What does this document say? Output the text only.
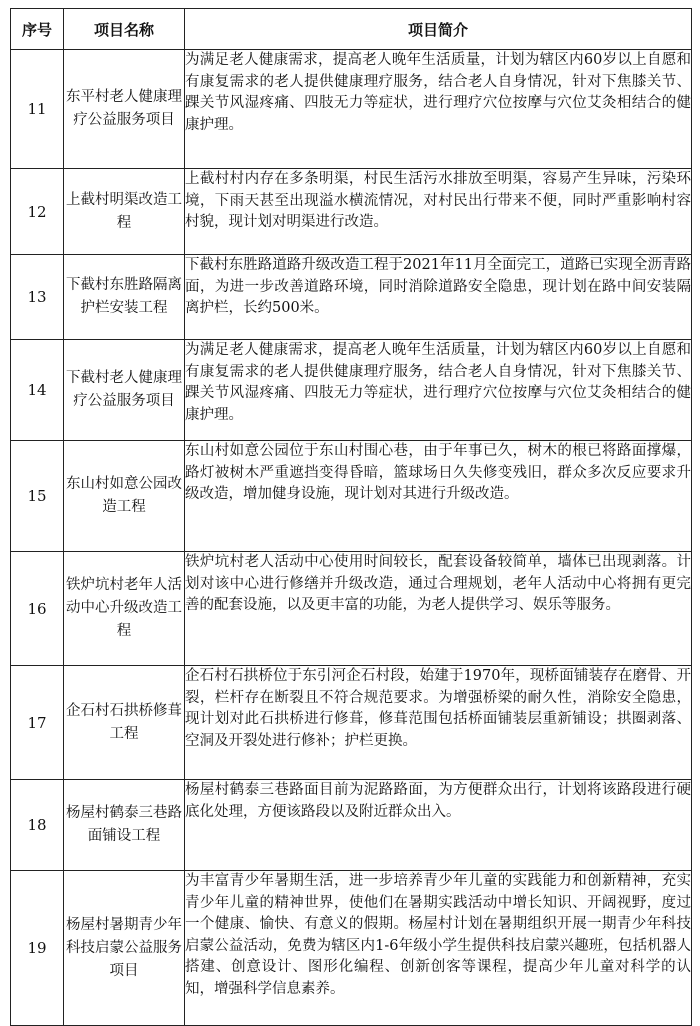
序号	项目名称	项目简介
11	东平村老人健康理疗公益服务项目	为满足老人健康需求，提高老人晚年生活质量，计划为辖区内60岁以上自愿和有康复需求的老人提供健康理疗服务，结合老人自身情况，针对下焦膝关节、踝关节风湿疼痛、四肢无力等症状，进行理疗穴位按摩与穴位艾灸相结合的健康护理。
12	上截村明渠改造工程	上截村村内存在多条明渠，村民生活污水排放至明渠，容易产生异味，污染环境，下雨天甚至出现溢水横流情况，对村民出行带来不便，同时严重影响村容村貌，现计划对明渠进行改造。
13	下截村东胜路隔离护栏安装工程	下截村东胜路道路升级改造工程于2021年11月全面完工，道路已实现全沥青路面，为进一步改善道路环境，同时消除道路安全隐患，现计划在路中间安装隔离护栏，长约500米。
14	下截村老人健康理疗公益服务项目	为满足老人健康需求，提高老人晚年生活质量，计划为辖区内60岁以上自愿和有康复需求的老人提供健康理疗服务，结合老人自身情况，针对下焦膝关节、踝关节风湿疼痛、四肢无力等症状，进行理疗穴位按摩与穴位艾灸相结合的健康护理。
15	东山村如意公园改造工程	东山村如意公园位于东山村围心巷，由于年事已久，树木的根已将路面撑爆，路灯被树木严重遮挡变得昏暗，篮球场日久失修变残旧，群众多次反应要求升级改造，增加健身设施，现计划对其进行升级改造。
16	铁炉坑村老年人活动中心升级改造工程	铁炉坑村老人活动中心使用时间较长，配套设备较简单，墙体已出现剥落。计划对该中心进行修缮并升级改造，通过合理规划，老年人活动中心将拥有更完善的配套设施，以及更丰富的功能，为老人提供学习、娱乐等服务。
17	企石村石拱桥修葺工程	企石村石拱桥位于东引河企石村段，始建于1970年，现桥面铺装存在磨骨、开裂，栏杆存在断裂且不符合规范要求。为增强桥梁的耐久性，消除安全隐患，现计划对此石拱桥进行修葺，修葺范围包括桥面铺装层重新铺设；拱圈剥落、空洞及开裂处进行修补；护栏更换。
18	杨屋村鹤泰三巷路面铺设工程	杨屋村鹤泰三巷路面目前为泥路路面，为方便群众出行，计划将该路段进行硬底化处理，方便该路段以及附近群众出入。
19	杨屋村暑期青少年科技启蒙公益服务项目	为丰富青少年暑期生活，进一步培养青少年儿童的实践能力和创新精神，充实青少年儿童的精神世界，使他们在暑期实践活动中增长知识、开阔视野，度过一个健康、愉快、有意义的假期。杨屋村计划在暑期组织开展一期青少年科技启蒙公益活动，免费为辖区内1-6年级小学生提供科技启蒙兴趣班，包括机器人搭建、创意设计、图形化编程、创新创客等课程，提高少年儿童对科学的认知，增强科学信息素养。
